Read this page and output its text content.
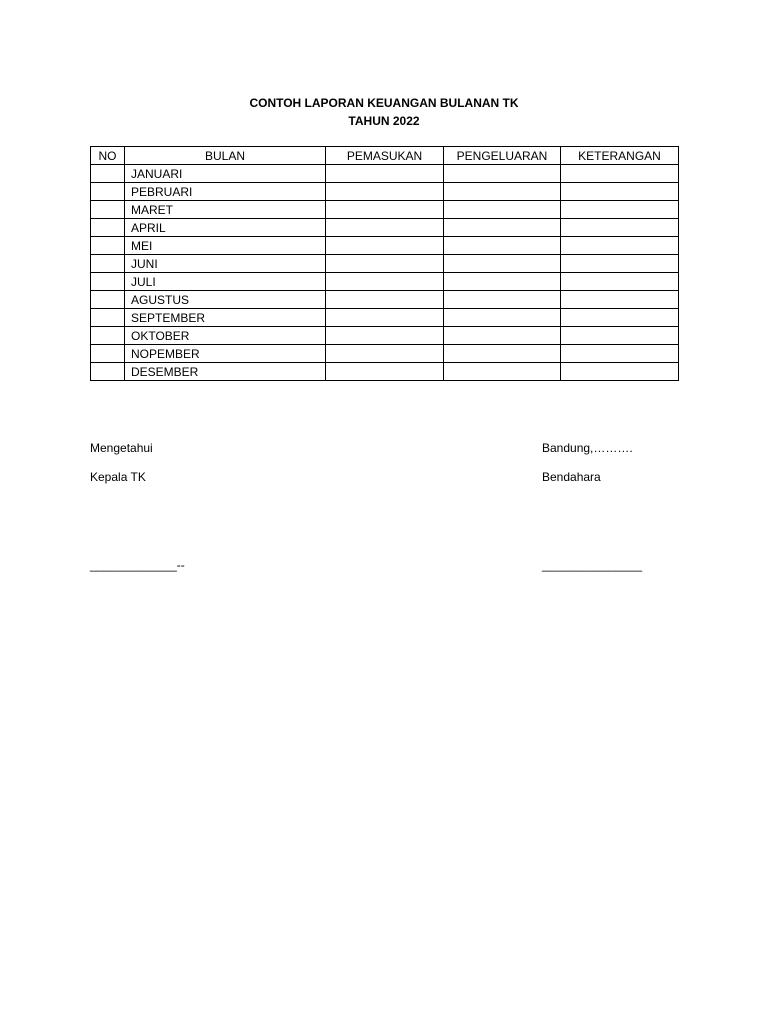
CONTOH LAPORAN KEUANGAN BULANAN TK
TAHUN 2022
NO	BULAN	PEMASUKAN	PENGELUARAN	KETERANGAN
	JANUARI			
	PEBRUARI			
	MARET			
	APRIL			
	MEI			
	JUNI			
	JULI			
	AGUSTUS			
	SEPTEMBER			
	OKTOBER			
	NOPEMBER			
	DESEMBER			
Mengetahui
Kepala TK
_____________--
Bandung,……….
Bendahara
_______________
